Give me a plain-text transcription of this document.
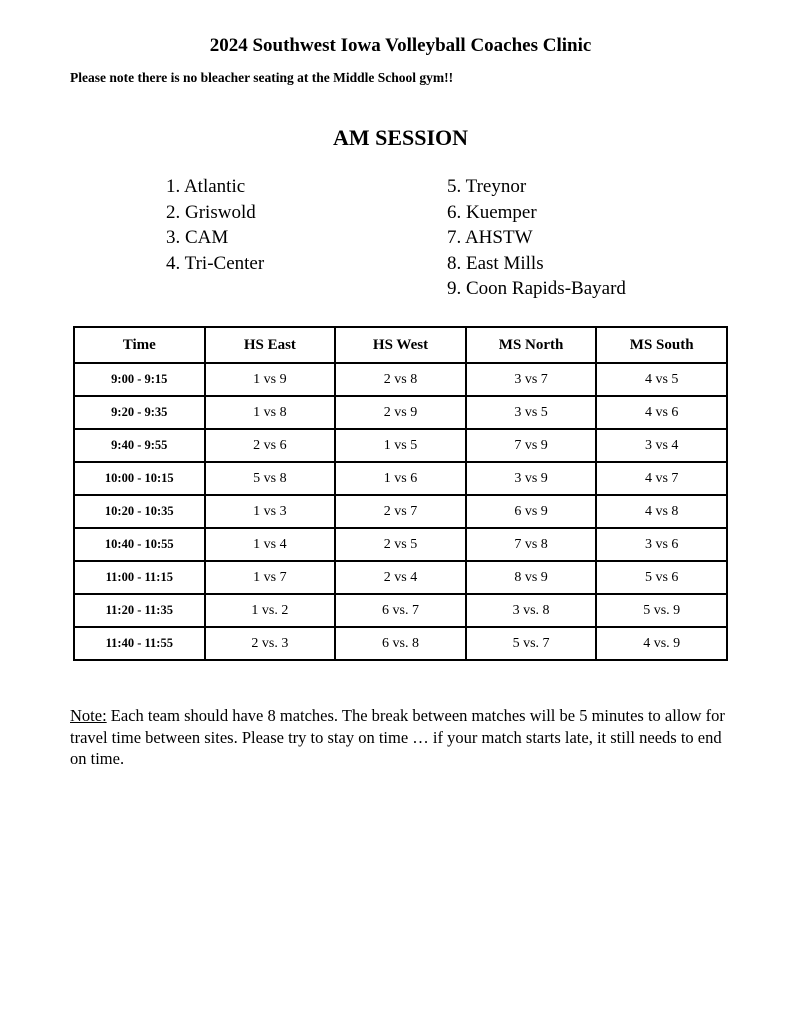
2024 Southwest Iowa Volleyball Coaches Clinic
Please note there is no bleacher seating at the Middle School gym!!
AM SESSION
1. Atlantic
2. Griswold
3. CAM
4. Tri-Center
5. Treynor
6. Kuemper
7. AHSTW
8. East Mills
9. Coon Rapids-Bayard
Time	HS East	HS West	MS North	MS South
9:00 - 9:15	1 vs 9	2 vs 8	3 vs 7	4 vs 5
9:20 - 9:35	1 vs 8	2 vs 9	3 vs 5	4 vs 6
9:40 - 9:55	2 vs 6	1 vs 5	7 vs 9	3 vs 4
10:00 - 10:15	5 vs 8	1 vs 6	3 vs 9	4 vs 7
10:20 - 10:35	1 vs 3	2 vs 7	6 vs 9	4 vs 8
10:40 - 10:55	1 vs 4	2 vs 5	7 vs 8	3 vs 6
11:00 - 11:15	1 vs 7	2 vs 4	8 vs 9	5 vs 6
11:20 - 11:35	1 vs. 2	6 vs. 7	3 vs. 8	5 vs. 9
11:40 - 11:55	2 vs. 3	6 vs. 8	5 vs. 7	4 vs. 9
Note: Each team should have 8 matches. The break between matches will be 5 minutes to allow for travel time between sites. Please try to stay on time … if your match starts late, it still needs to end on time.
